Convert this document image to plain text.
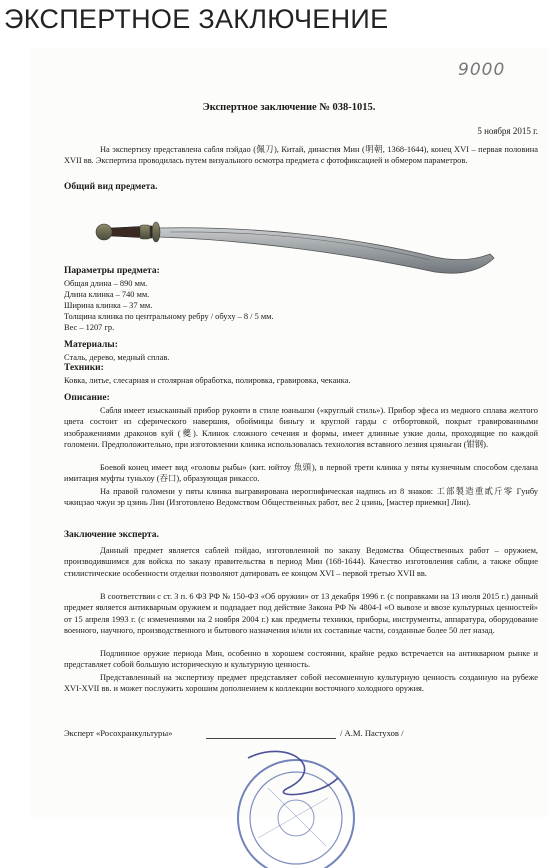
ЭКСПЕРТНОЕ ЗАКЛЮЧЕНИЕ
9000
Экспертное заключение № 038-1015.
5 ноября 2015 г.
На экспертизу представлена сабля пэйдао (佩刀), Китай, династия Мин (明朝, 1368-1644), конец XVI – первая половина XVII вв. Экспертиза проводилась путем визуального осмотра предмета с фотофиксацией и обмером параметров.
Общий вид предмета.
Параметры предмета:
Общая длина – 890 мм.
Длина клинка – 740 мм.
Ширина клинка – 37 мм.
Толщина клинка по центральному ребру / обуху – 8 / 5 мм.
Вес – 1207 гр.
Материалы:
Сталь, дерево, медный сплав.
Техники:
Ковка, литье, слесарная и столярная обработка, полировка, гравировка, чеканка.
Описание:
Сабля имеет изысканный прибор рукояти в стиле юаньшэн («круглый стиль»). Прибор эфеса из медного сплава желтого цвета состоит из сферического навершия, обоймицы биньгу и круглой гарды с отбортовкой, покрыт гравированными изображениями драконов куй (夔). Клинок сложного сечения и формы, имеет длинные узкие долы, проходящие по каждой голомени. Предположительно, при изготовлении клинка использовалась технология вставного лезвия цзяньган (钳钢).
Боевой конец имеет вид «головы рыбы» (кит. юйтоу 魚頭), в первой трети клинка у пяты кузнечным способом сделана имитация муфты туньхоу (吞口), образующая рикассо.
На правой голомени у пяты клинка выгравирована иероглифическая надпись из 8 знаков: 工部製造重貳斤零 Гунбу чжицзао чжун эр цзинь Лин (Изготовлено Ведомством Общественных работ, вес 2 цзинь, [мастер приемки] Лин).
Заключение эксперта.
Данный предмет является саблей пэйдао, изготовленной по заказу Ведомства Общественных работ – оружием, производившимся для войска по заказу правительства в период Мин (168-1644). Качество изготовления сабли, а также общие стилистические особенности отделки позволяют датировать ее концом XVI – первой третью XVII вв.
В соответствии с ст. 3 п. 6 ФЗ РФ № 150-ФЗ «Об оружии» от 13 декабря 1996 г. (с поправками на 13 июля 2015 г.) данный предмет является антикварным оружием и подпадает под действие Закона РФ № 4804-I «О вывозе и ввозе культурных ценностей» от 15 апреля 1993 г. (с изменениями на 2 ноября 2004 г.) как предметы техники, приборы, инструменты, аппаратура, оборудование военного, научного, производственного и бытового назначения и/или их составные части, созданные более 50 лет назад.
Подлинное оружие периода Мин, особенно в хорошем состоянии, крайне редко встречается на антикварном рынке и представляет собой большую историческую и культурную ценность.
Представленный на экспертизу предмет представляет собой несомненную культурную ценность созданную на рубеже XVI-XVII вв. и может послужить хорошим дополнением к коллекции восточного холодного оружия.
Эксперт «Росохранкультуры»	/ А.М. Пастухов /
